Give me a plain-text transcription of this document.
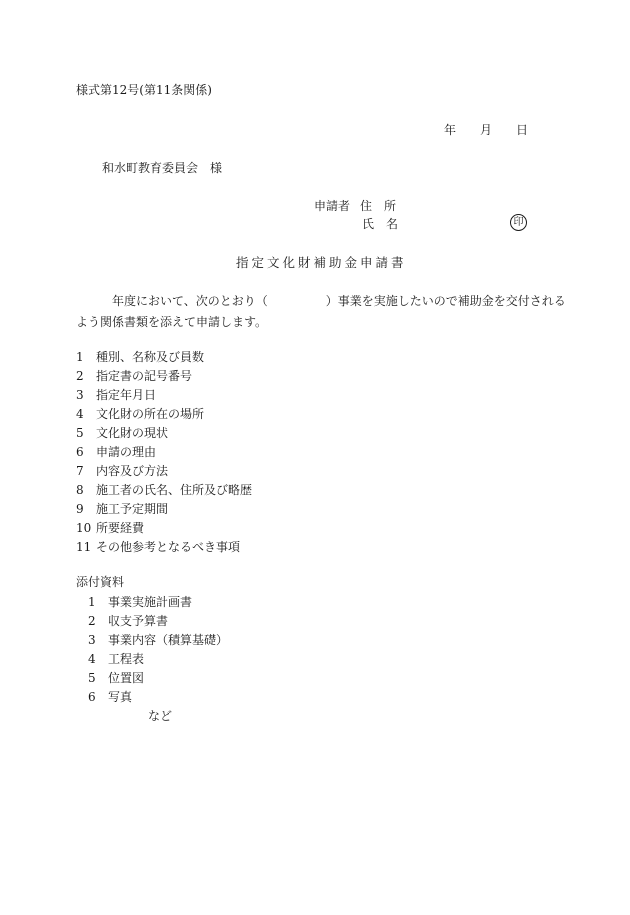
様式第12号(第11条関係)
年 月 日
和水町教育委員会 様
申請者 住　所
氏　名	印
指定文化財補助金申請書
年度において、次のとおり（	）事業を実施したいので補助金を交付されるよう関係書類を添えて申請します。
1 種別、名称及び員数
2 指定書の記号番号
3 指定年月日
4 文化財の所在の場所
5 文化財の現状
6 申請の理由
7 内容及び方法
8 施工者の氏名、住所及び略歴
9 施工予定期間
10 所要経費
11 その他参考となるべき事項
添付資料
1 事業実施計画書
2 収支予算書
3 事業内容（積算基礎）
4 工程表
5 位置図
6 写真
など
